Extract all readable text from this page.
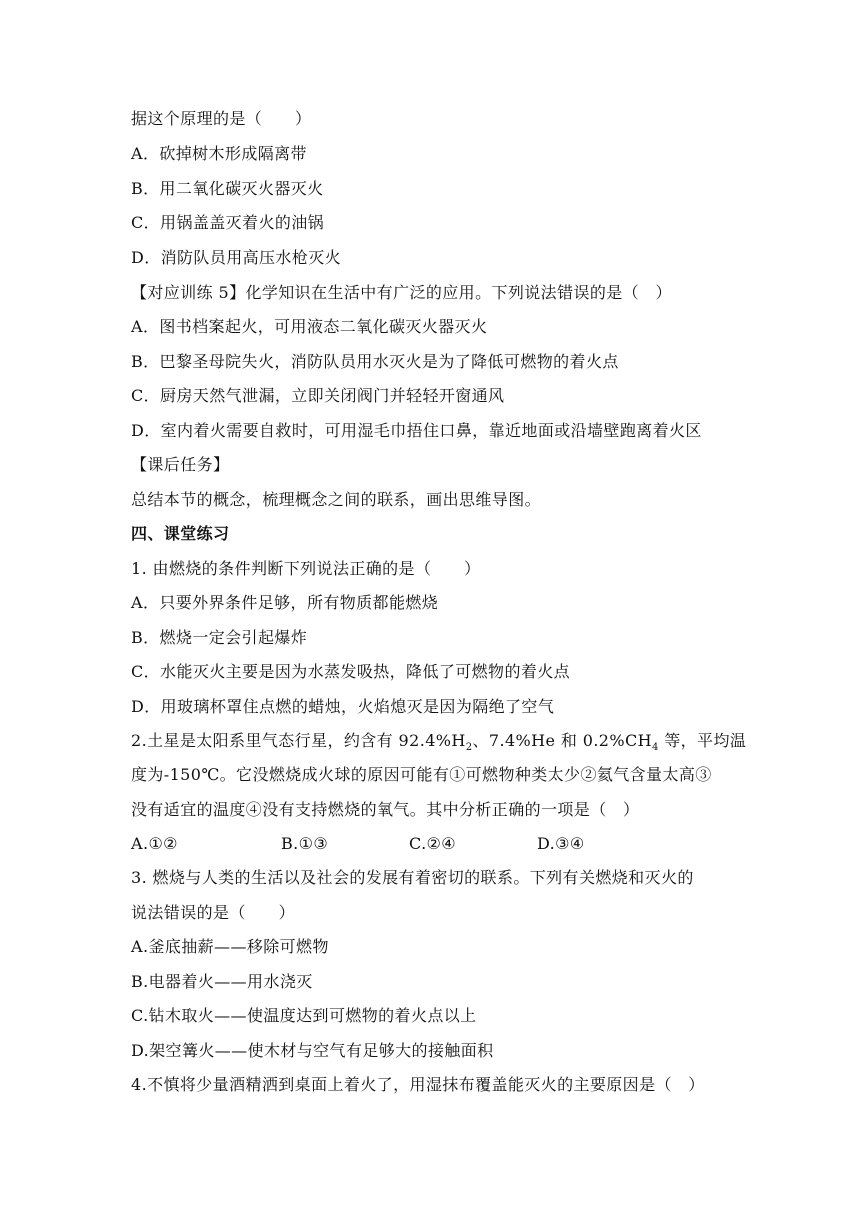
据这个原理的是（　　）
A．砍掉树木形成隔离带
B．用二氧化碳灭火器灭火
C．用锅盖盖灭着火的油锅
D．消防队员用高压水枪灭火
【对应训练 5】化学知识在生活中有广泛的应用。下列说法错误的是（　）
A．图书档案起火，可用液态二氧化碳灭火器灭火
B．巴黎圣母院失火，消防队员用水灭火是为了降低可燃物的着火点
C．厨房天然气泄漏，立即关闭阀门并轻轻开窗通风
D．室内着火需要自救时，可用湿毛巾捂住口鼻，靠近地面或沿墙壁跑离着火区
【课后任务】
总结本节的概念，梳理概念之间的联系，画出思维导图。
四、课堂练习
1. 由燃烧的条件判断下列说法正确的是（　　）
A．只要外界条件足够，所有物质都能燃烧
B．燃烧一定会引起爆炸
C．水能灭火主要是因为水蒸发吸热，降低了可燃物的着火点
D．用玻璃杯罩住点燃的蜡烛，火焰熄灭是因为隔绝了空气
2.土星是太阳系里气态行星，约含有 $92.4\%H_2$、7.4%He 和 $0.2\%CH_4$ 等，平均温
度为-150℃。它没燃烧成火球的原因可能有①可燃物种类太少②氦气含量太高③
没有适宜的温度④没有支持燃烧的氧气。其中分析正确的一项是（　）
A.①②	B.①③	C.②④	D.③④
3. 燃烧与人类的生活以及社会的发展有着密切的联系。下列有关燃烧和灭火的
说法错误的是（　　）
A.釜底抽薪——移除可燃物
B.电器着火——用水浇灭
C.钻木取火——使温度达到可燃物的着火点以上
D.架空篝火——使木材与空气有足够大的接触面积
4.不慎将少量酒精洒到桌面上着火了，用湿抹布覆盖能灭火的主要原因是（　）
